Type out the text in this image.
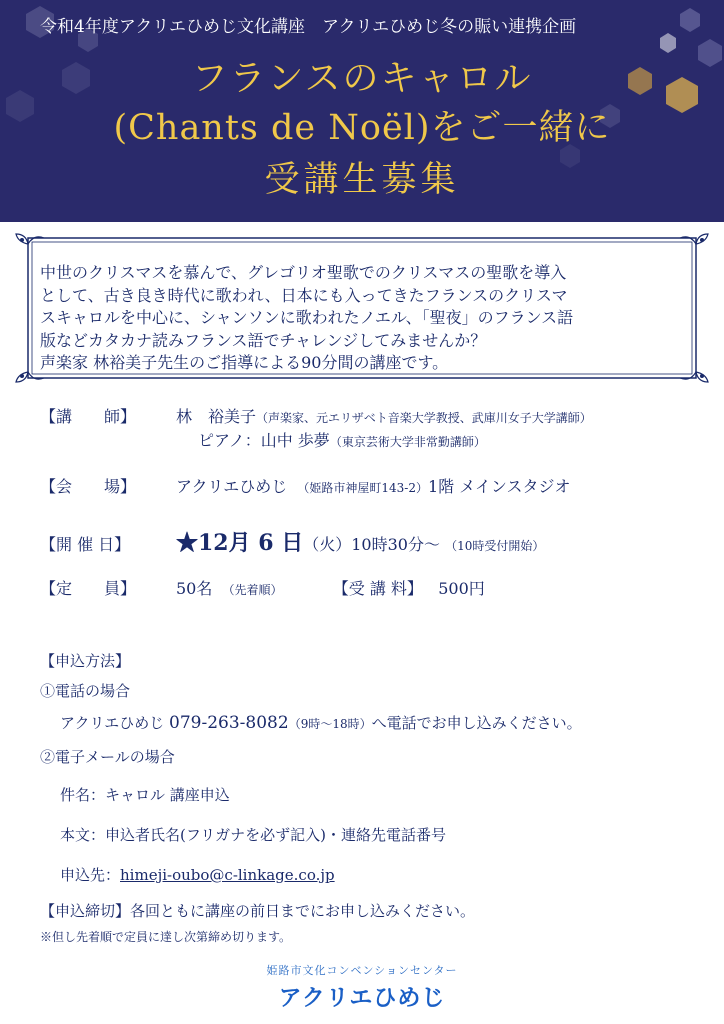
令和4年度アクリエひめじ文化講座　アクリエひめじ冬の賑い連携企画
フランスのキャロル
(Chants de Noël)をご一緒に
受講生募集

中世のクリスマスを慕んで、グレゴリオ聖歌でのクリスマスの聖歌を導入

として、古き良き時代に歌われ、日本にも入ってきたフランスのクリスマ

スキャロルを中心に、シャンソンに歌われたノエル、「聖夜」のフランス語

版などカタカナ読みフランス語でチャレンジしてみませんか？

声楽家 林裕美子先生のご指導による90分間の講座です。

【講　　師】 林　裕美子（声楽家、元エリザベト音楽大学教授、武庫川女子大学講師）
ピアノ：山中 歩夢（東京芸術大学非常勤講師）
【会　　場】 アクリエひめじ （姫路市神屋町143-2）1階 メインスタジオ
【開 催 日】 ★12月 6 日（火）10時30分～ （10時受付開始）
【定　　員】 50名 （先着順）	【受 講 料】 500円
【申込方法】
①電話の場合
アクリエひめじ 079-263-8082（9時～18時）へ電話でお申し込みください。
②電子メールの場合
件名：キャロル 講座申込
本文：申込者氏名(フリガナを必ず記入)・連絡先電話番号
申込先：himeji-oubo@c-linkage.co.jp
【申込締切】各回ともに講座の前日までにお申し込みください。
※但し先着順で定員に達し次第締め切ります。
姫路市文化コンベンションセンター
アクリエひめじ
